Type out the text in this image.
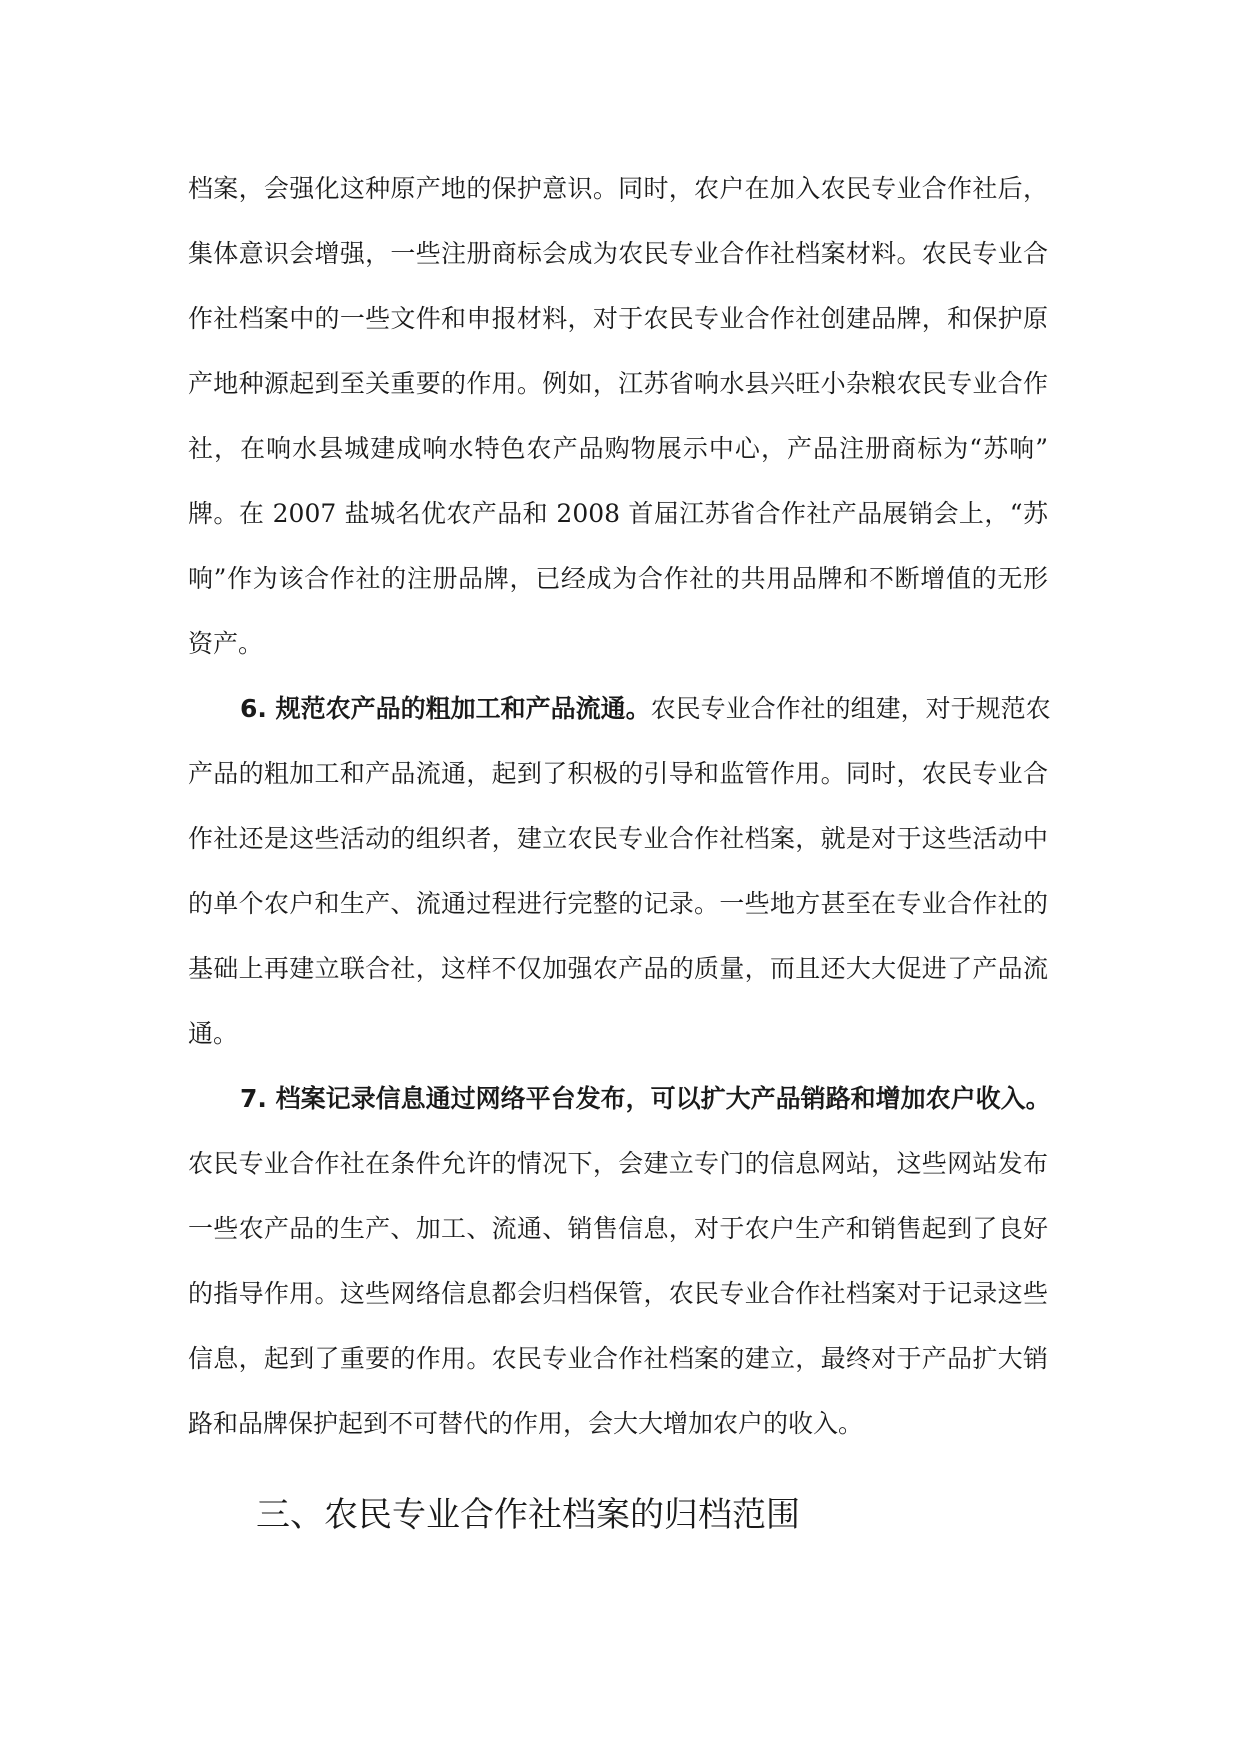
档案，会强化这种原产地的保护意识。同时，农户在加入农民专业合作社后，
集体意识会增强，一些注册商标会成为农民专业合作社档案材料。农民专业合
作社档案中的一些文件和申报材料，对于农民专业合作社创建品牌，和保护原
产地种源起到至关重要的作用。例如，江苏省响水县兴旺小杂粮农民专业合作
社，在响水县城建成响水特色农产品购物展示中心，产品注册商标为“苏响”
牌。在 2007 盐城名优农产品和 2008 首届江苏省合作社产品展销会上，“苏
响”作为该合作社的注册品牌，已经成为合作社的共用品牌和不断增值的无形
资产。
6. 规范农产品的粗加工和产品流通。农民专业合作社的组建，对于规范农
产品的粗加工和产品流通，起到了积极的引导和监管作用。同时，农民专业合
作社还是这些活动的组织者，建立农民专业合作社档案，就是对于这些活动中
的单个农户和生产、流通过程进行完整的记录。一些地方甚至在专业合作社的
基础上再建立联合社，这样不仅加强农产品的质量，而且还大大促进了产品流
通。
7. 档案记录信息通过网络平台发布，可以扩大产品销路和增加农户收入。
农民专业合作社在条件允许的情况下，会建立专门的信息网站，这些网站发布
一些农产品的生产、加工、流通、销售信息，对于农户生产和销售起到了良好
的指导作用。这些网络信息都会归档保管，农民专业合作社档案对于记录这些
信息，起到了重要的作用。农民专业合作社档案的建立，最终对于产品扩大销
路和品牌保护起到不可替代的作用，会大大增加农户的收入。
三、农民专业合作社档案的归档范围
